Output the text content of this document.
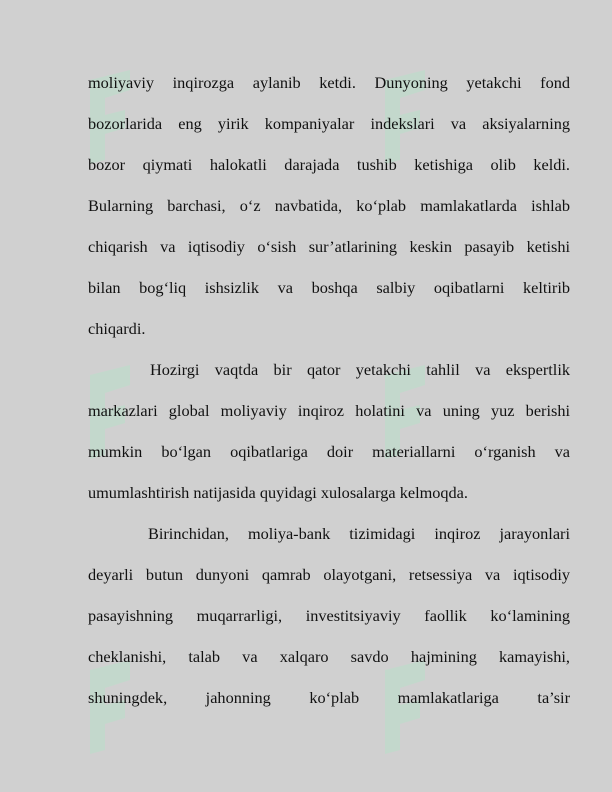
moliyaviy inqirozga aylanib ketdi. Dunyoning yetakchi fond
bozorlarida eng yirik kompaniyalar indekslari va aksiyalarning
bozor qiymati halokatli darajada tushib ketishiga olib keldi.
Bularning barchasi, o‘z navbatida, ko‘plab mamlakatlarda ishlab
chiqarish va iqtisodiy o‘sish sur’atlarining keskin pasayib ketishi
bilan bog‘liq ishsizlik va boshqa salbiy oqibatlarni keltirib
chiqardi.
Hozirgi vaqtda bir qator yetakchi tahlil va ekspertlik
markazlari global moliyaviy inqiroz holatini va uning yuz berishi
mumkin bo‘lgan oqibatlariga doir materiallarni o‘rganish va
umumlashtirish natijasida quyidagi xulosalarga kelmoqda.
Birinchidan, moliya-bank tizimidagi inqiroz jarayonlari
deyarli butun dunyoni qamrab olayotgani, retsessiya va iqtisodiy
pasayishning muqarrarligi, investitsiyaviy faollik ko‘lamining
cheklanishi, talab va xalqaro savdo hajmining kamayishi,
shuningdek, jahonning ko‘plab mamlakatlariga ta’sir
